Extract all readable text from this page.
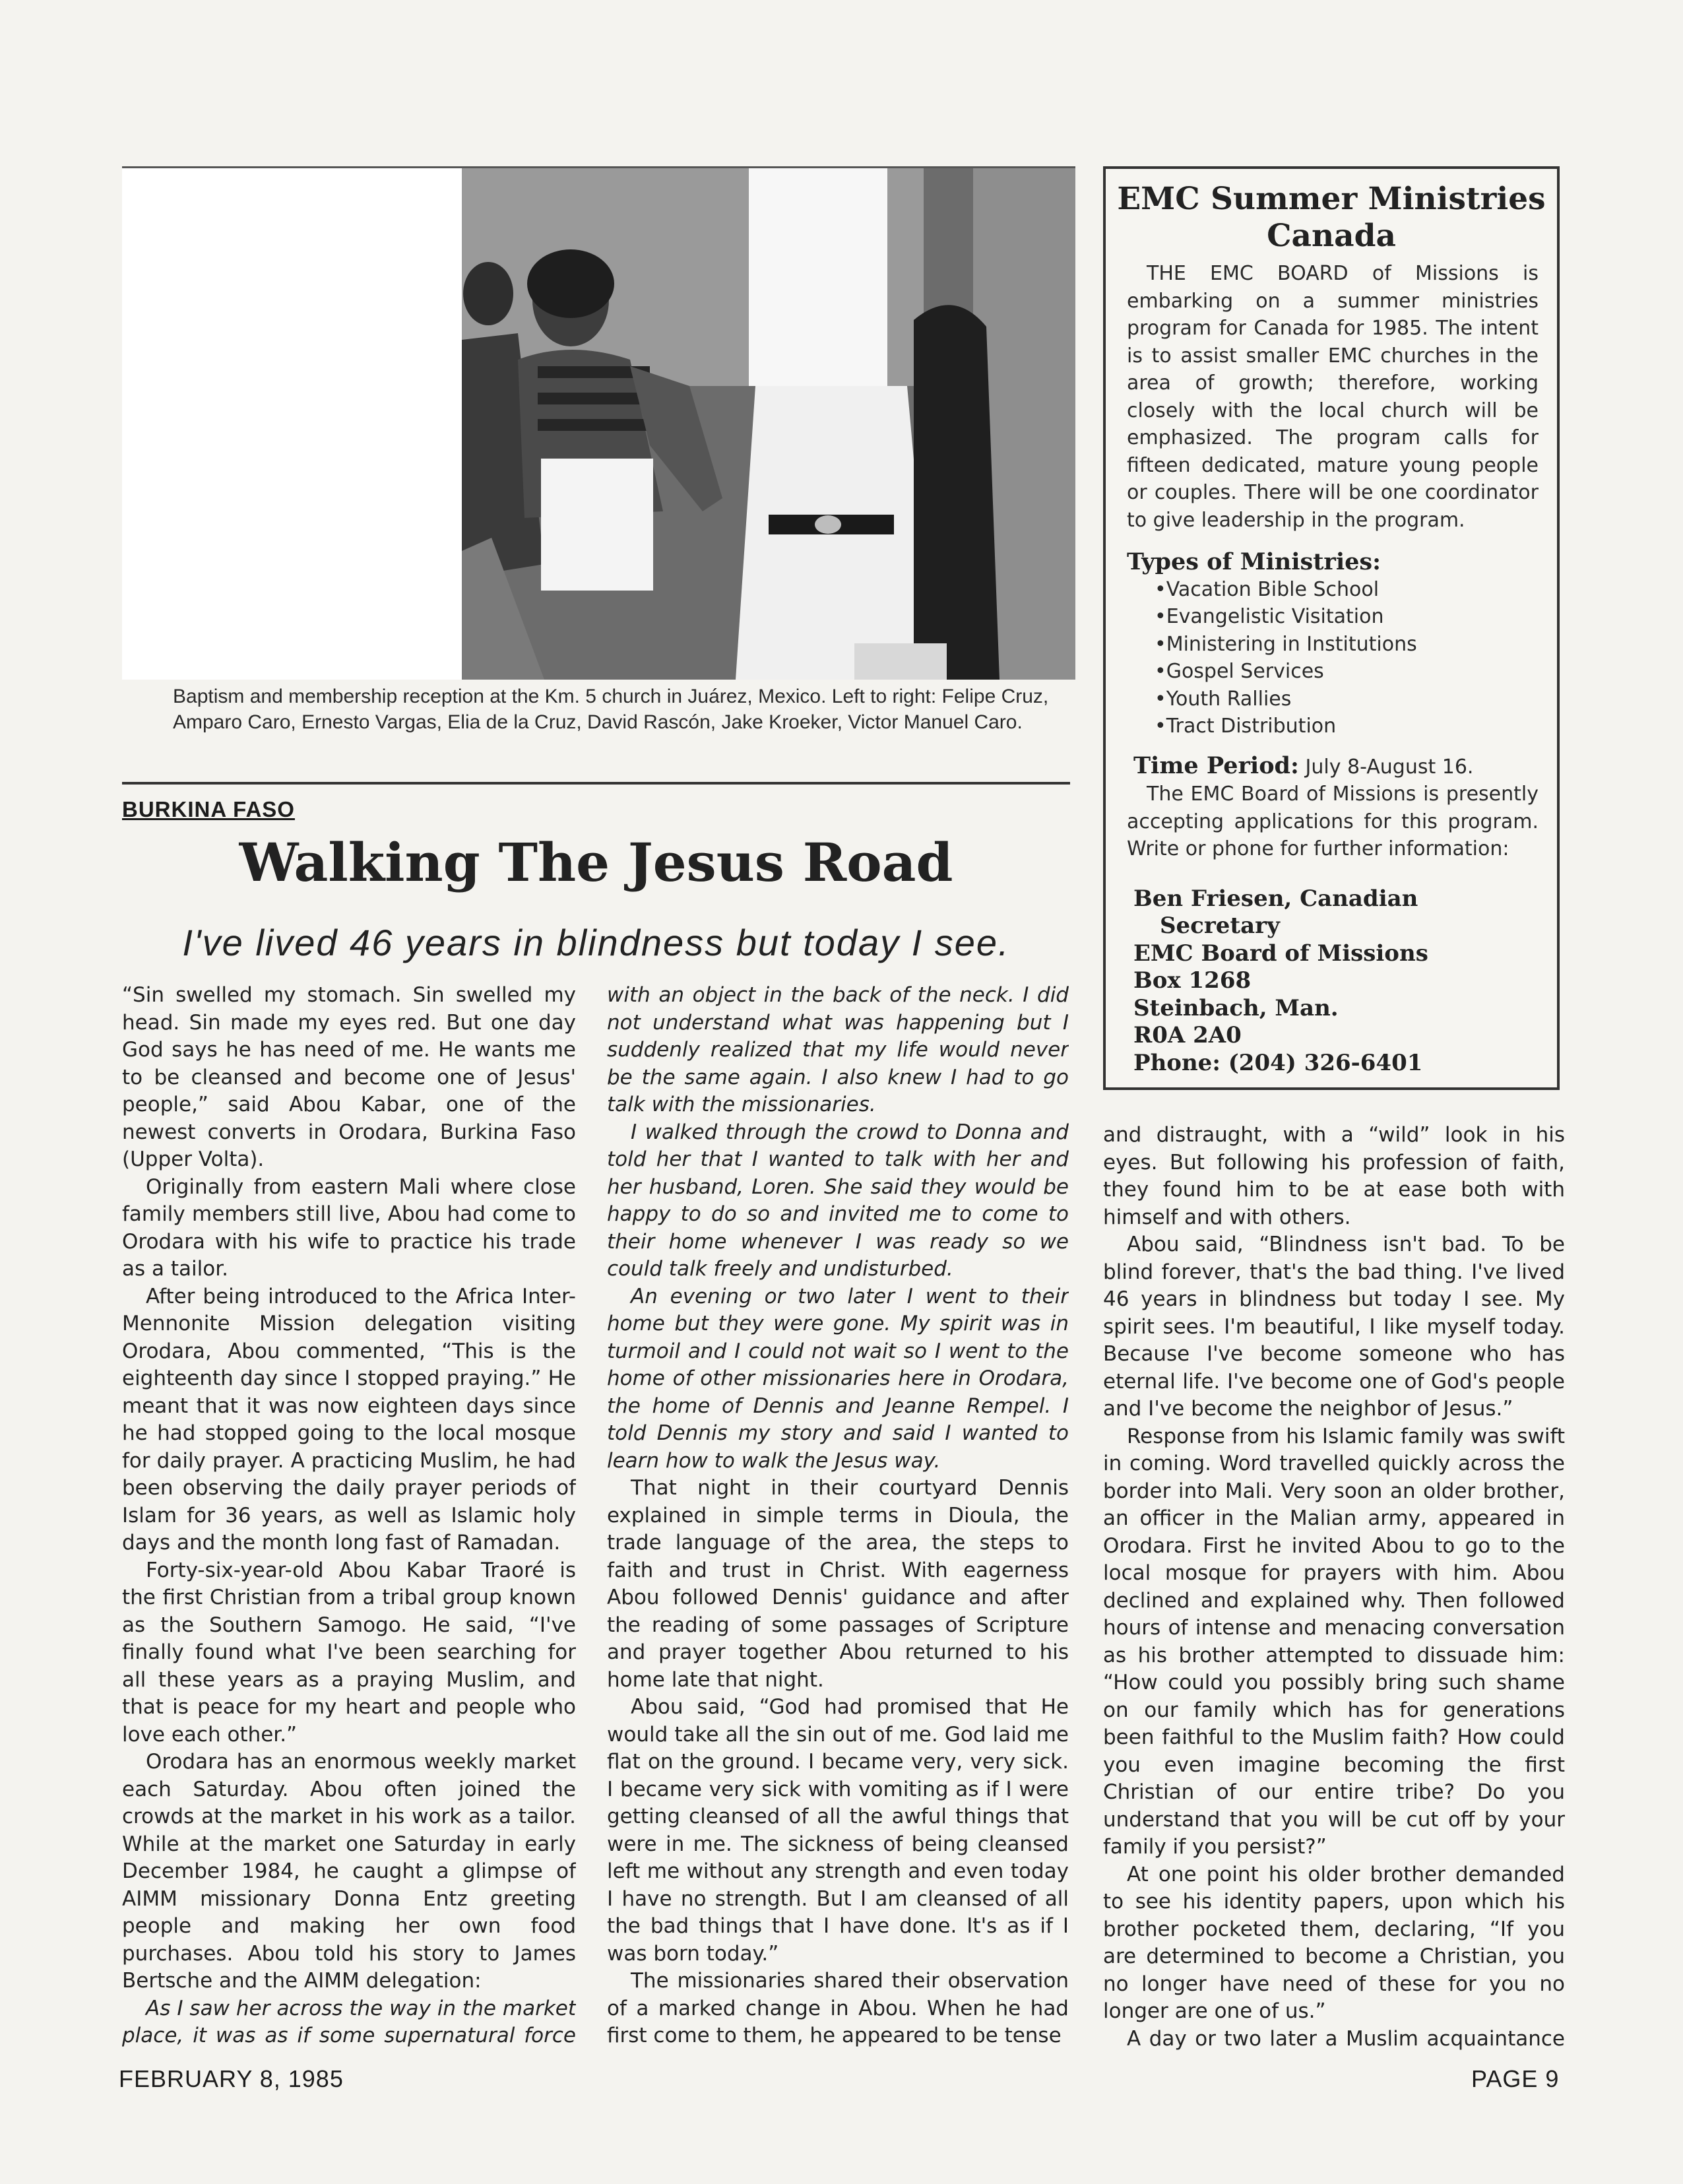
Baptism and membership reception at the Km. 5 church in Juárez, Mexico. Left to right: Felipe Cruz, Amparo Caro, Ernesto Vargas, Elia de la Cruz, David Rascón, Jake Kroeker, Victor Manuel Caro.
BURKINA FASO
Walking The Jesus Road
I've lived 46 years in blindness but today I see.

“Sin swelled my stomach. Sin swelled my head. Sin made my eyes red. But one day God says he has need of me. He wants me to be cleansed and become one of Jesus' people,” said Abou Kabar, one of the newest converts in Orodara, Burkina Faso (Upper Volta).

Originally from eastern Mali where close family members still live, Abou had come to Orodara with his wife to practice his trade as a tailor.

After being introduced to the Africa Inter-Mennonite Mission delegation visiting Orodara, Abou commented, “This is the eighteenth day since I stopped praying.” He meant that it was now eighteen days since he had stopped going to the local mosque for daily prayer. A practicing Muslim, he had been observing the daily prayer periods of Islam for 36 years, as well as Islamic holy days and the month long fast of Ramadan.

Forty-six-year-old Abou Kabar Traoré is the first Christian from a tribal group known as the Southern Samogo. He said, “I've finally found what I've been searching for all these years as a praying Muslim, and that is peace for my heart and people who love each other.”

Orodara has an enormous weekly market each Saturday. Abou often joined the crowds at the market in his work as a tailor. While at the market one Saturday in early December 1984, he caught a glimpse of AIMM missionary Donna Entz greeting people and making her own food purchases. Abou told his story to James Bertsche and the AIMM delegation:

As I saw her across the way in the market place, it was as if some supernatural force

with an object in the back of the neck. I did not understand what was happening but I suddenly realized that my life would never be the same again. I also knew I had to go talk with the missionaries.

I walked through the crowd to Donna and told her that I wanted to talk with her and her husband, Loren. She said they would be happy to do so and invited me to come to their home whenever I was ready so we could talk freely and undisturbed.

An evening or two later I went to their home but they were gone. My spirit was in turmoil and I could not wait so I went to the home of other missionaries here in Orodara, the home of Dennis and Jeanne Rempel. I told Dennis my story and said I wanted to learn how to walk the Jesus way.

That night in their courtyard Dennis explained in simple terms in Dioula, the trade language of the area, the steps to faith and trust in Christ. With eagerness Abou followed Dennis' guidance and after the reading of some passages of Scripture and prayer together Abou returned to his home late that night.

Abou said, “God had promised that He would take all the sin out of me. God laid me flat on the ground. I became very, very sick. I became very sick with vomiting as if I were getting cleansed of all the awful things that were in me. The sickness of being cleansed left me without any strength and even today I have no strength. But I am cleansed of all the bad things that I have done. It's as if I was born today.”

The missionaries shared their observation of a marked change in Abou. When he had first come to them, he appeared to be tense

EMC Summer Ministries Canada

THE EMC BOARD of Missions is embarking on a summer ministries program for Canada for 1985. The intent is to assist smaller EMC churches in the area of growth; therefore, working closely with the local church will be emphasized. The program calls for fifteen dedicated, mature young people or couples. There will be one coordinator to give leadership in the program.

Types of Ministries:
•Vacation Bible School
•Evangelistic Visitation
•Ministering in Institutions
•Gospel Services
•Youth Rallies
•Tract Distribution
Time Period: July 8-August 16.

The EMC Board of Missions is presently accepting applications for this program. Write or phone for further information:

Ben Friesen, Canadian
Secretary
EMC Board of Missions
Box 1268
Steinbach, Man.
R0A 2A0
Phone: (204) 326-6401

and distraught, with a “wild” look in his eyes. But following his profession of faith, they found him to be at ease both with himself and with others.

Abou said, “Blindness isn't bad. To be blind forever, that's the bad thing. I've lived 46 years in blindness but today I see. My spirit sees. I'm beautiful, I like myself today. Because I've become someone who has eternal life. I've become one of God's people and I've become the neighbor of Jesus.”

Response from his Islamic family was swift in coming. Word travelled quickly across the border into Mali. Very soon an older brother, an officer in the Malian army, appeared in Orodara. First he invited Abou to go to the local mosque for prayers with him. Abou declined and explained why. Then followed hours of intense and menacing conversation as his brother attempted to dissuade him: “How could you possibly bring such shame on our family which has for generations been faithful to the Muslim faith? How could you even imagine becoming the first Christian of our entire tribe? Do you understand that you will be cut off by your family if you persist?”

At one point his older brother demanded to see his identity papers, upon which his brother pocketed them, declaring, “If you are determined to become a Christian, you no longer have need of these for you no longer are one of us.”

A day or two later a Muslim acquaintance

FEBRUARY 8, 1985	PAGE 9
